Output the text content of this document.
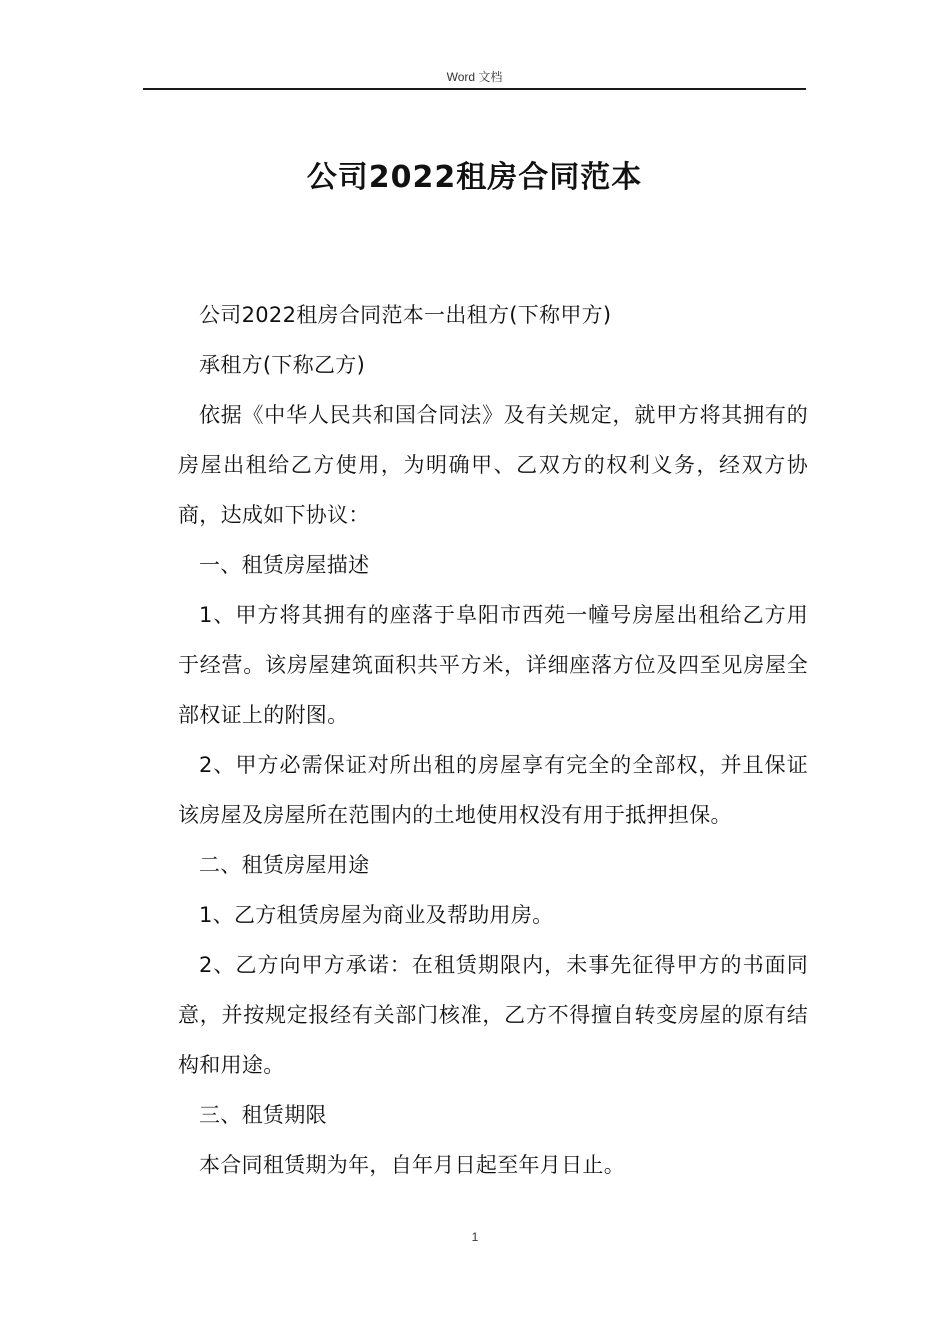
Word 文档
公司2022租房合同范本

公司2022租房合同范本一出租方(下称甲方)

承租方(下称乙方)

依据《中华人民共和国合同法》及有关规定，就甲方将其拥有的房屋出租给乙方使用，为明确甲、乙双方的权利义务，经双方协商，达成如下协议：

一、租赁房屋描述

1、甲方将其拥有的座落于阜阳市西苑一幢号房屋出租给乙方用于经营。该房屋建筑面积共平方米，详细座落方位及四至见房屋全部权证上的附图。

2、甲方必需保证对所出租的房屋享有完全的全部权，并且保证该房屋及房屋所在范围内的土地使用权没有用于抵押担保。

二、租赁房屋用途

1、乙方租赁房屋为商业及帮助用房。

2、乙方向甲方承诺：在租赁期限内，未事先征得甲方的书面同意，并按规定报经有关部门核准，乙方不得擅自转变房屋的原有结构和用途。

三、租赁期限

本合同租赁期为年，自年月日起至年月日止。

1
